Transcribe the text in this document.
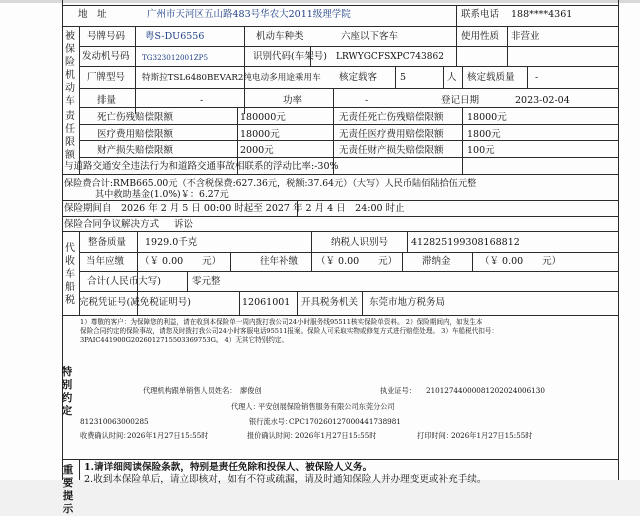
地　址	广州市天河区五山路483号华农大2011级理学院	联系电话 188****4361
被保险机动车
号牌号码 粤S-DU6556	机动车种类	六座以下客车	使用性质 非营业
发动机号码 TG323012001ZP5	识别代码(车架号) LRWYGCFSXPC743862
厂牌型号 特斯拉TSL6480BEVAR2纯电动多用途乘用车 核定载客 5	人 核定载质量 -
排量	-	功率	-	登记日期	2023-02-04
责任限额
死亡伤残赔偿限额	180000元	无责任死亡伤残赔偿限额 18000元
医疗费用赔偿限额	18000元	无责任医疗费用赔偿限额 1800元
财产损失赔偿限额	2000元	无责任财产损失赔偿限额 100元
与道路交通安全违法行为和道路交通事故相联系的浮动比率:-30%
保险费合计:RMB665.00元（不含税保费:627.36元，税额:37.64元）（大写）人民币陆佰陆拾伍元整
其中救助基金(1.0%)￥：6.27元
保险期间自 2026 年 2 月 5 日 00:00 时起至 2027 年 2 月 4 日　24:00 时止
保险合同争议解决方式 诉讼
代收车船税
整备质量 1929.0千克	纳税人识别号 412825199308168812
当年应缴 （￥ 0.00　　元）	往年补缴 （￥ 0.00　　元）	滞纳金	（￥ 0.00　　元）
合计(人民币大写)	零元整
完税凭证号(减免税证明号)	12061001 开具税务机关 东莞市地方税务局
1）尊敬的客户：为保障您的利益，请在收到本保险单一周内拨打我公司24小时服务线95511核实保险单资料。 2）保险期间内，如发生本
保险合同约定的保险事故，请您及时拨打我公司24小时客服电话95511报案。保险人可采取实物或修复方式进行赔偿处理。 3）车船税代扣号：
3PAIC441900G2026012715503369753G。 4）无其它特别约定。
特别约定
代理机构跟单销售人员姓名： 廖俊创	执业证号： 21012744000081202024006130
代理人：
平安创展保险销售服务有限公司东莞分公司
812310063000285	银行流水号：
CPC1702601270004417389​81
收费确认时间：
2026年1月27日15:55时	报价确认时间：
2026年1月27日15:55时	打印时间：
2026年1月27日15:55时
重要提示
1.请详细阅读保险条款，特别是责任免除和投保人、被保险人义务。
2.收到本保险单后，请立即核对，如有不符或疏漏，请及时通知保险人并办理变更或补充手续。
